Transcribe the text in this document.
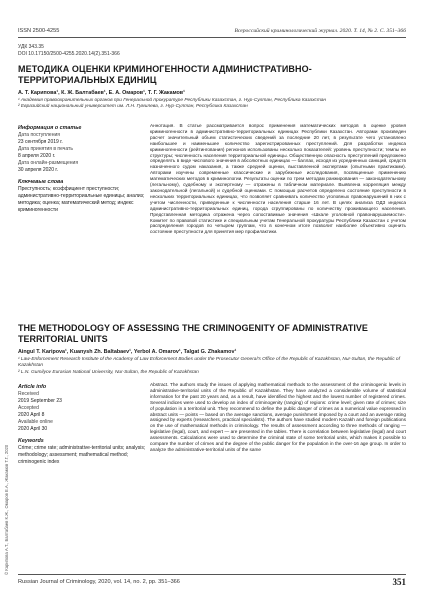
ISSN 2500-4255	Всероссийский криминологический журнал. 2020. Т. 14, № 2. С. 351–366
УДК 343.35
DOI 10.17150/2500-4255.2020.14(2).351-366
МЕТОДИКА ОЦЕНКИ КРИМИНОГЕННОСТИ АДМИНИСТРАТИВНО-ТЕРРИТОРИАЛЬНЫХ ЕДИНИЦ
А. Т. Карипова¹, К. Ж. Балтабаев¹, Е. А. Омаров¹, Т. Г. Жакамов¹
¹ Академия правоохранительных органов при Генеральной прокуратуре Республики Казахстан, г. Нур-Султан, Республика Казахстан
² Евразийский национальный университет им. Л.Н. Гумилева, г. Нур-Султан, Республика Казахстан
Информация о статье
Дата поступления
23 сентября 2019 г.
Дата принятия в печать
8 апреля 2020 г.
Дата онлайн-размещения
30 апреля 2020 г.
Ключевые слова
Преступность; коэффициент преступности; административно-территориальные единицы; анализ; методика; оценка; математический метод; индекс криминогенности
Аннотация. В статье рассматривается вопрос применения математических методов в оценке уровня криминогенности в административно-территориальных единицах Республики Казахстан. Авторами произведен расчет значительный объем статистических сведений за последние 20 лет, в результате чего установлено наибольшее и наименьшее количество зарегистрированных преступлений. Для разработки индекса криминогенности (рейтингования) регионов использованы несколько показателей: уровень преступности; темпы ее структуры; численность населения территориальной единицы. Общественную опасность преступлений предложено определять в виде числового значения в абсолютных единицах — баллах, исходя из усредненных санкций, средств назначенного судом наказания, а также средней оценки, выставленной экспертами (опытными практиками). Авторами изучены современные классические и зарубежные исследования, посвященные применению математических методов в криминологии. Результаты оценки по трем методам ранжирования — законодательному (легальному), судебному и экспертному — отражены в табличном материале. Выявлена корреляция между законодательной (легальной) и судебной оценками. С помощью расчетов определено состояние преступности в нескольких территориальных единицах, что позволяет сравнивать количество уголовных правонарушений в них с учетом численности, приведенные к численности населения старше 16 лет. В целях анализа ОДЗ индекса административно-территориальных единиц, города сгруппированы по количеству проживающего населения. Представленная методика отражена через сопоставимые значения «Шкале уголовной правонарушаемости». Комитет по правовой статистике и специальным учетам Генеральной прокуратуры Республики Казахстан с учетом распределения городов по четырем группам, что в конечном итоге позволит наиболее объективно оценить состояние преступности для принятия мер профилактики.
THE METHODOLOGY OF ASSESSING THE CRIMINOGENITY OF ADMINISTRATIVE TERRITORIAL UNITS
Aingul T. Karipova¹, Kuanysh Zh. Baltabaev¹, Yerbol A. Omarov¹, Talgat G. Zhakamov¹
¹ Law-Enforcement Research Institute of the Academy of Law Enforcement Bodies under the Prosecutor General's Office of the Republic of Kazakhstan, Nur-Sultan, the Republic of Kazakhstan
² L.N. Gumilyov Eurasian National University, Nur-Sultan, the Republic of Kazakhstan
Article info
Received
2019 September 23
Accepted
2020 April 8
Available online
2020 April 30
Keywords
Crime; crime rate; administrative-territorial units; analysis; methodology; assessment; mathematical method; criminogenic index
Abstract. The authors study the issues of applying mathematical methods to the assessment of the criminogenic levels in administrative-territorial units of the Republic of Kazakhstan. They have analyzed a considerable volume of statistical information for the past 20 years and, as a result, have identified the highest and the lowest number of registered crimes. Several indices were used to develop an index of criminogenity (ranging) of regions: crime level; given rate of crimes; size of population in a territorial unit. They recommend to define the public danger of crimes as a numerical value expressed in abstract units — points — based on the average sanctions, average punishment imposed by a court and an average rating assigned by experts (researchers, practical specialists). The authors have studied modern Kazakh and foreign publications on the use of mathematical methods in criminology. The results of assessment according to three methods of ranging — legislative (legal), court, and expert — are presented in the tables. There is correlation between legislative (legal) and court assessments. Calculations were used to determine the criminal state of some territorial units, which makes it possible to compare the number of crimes and the degree of the public danger for the population in the over-16 age group. In order to analyze the administrative-territorial units of the same
© Карипова А.Т., Балтабаев К.Ж., Омаров Е.А., Жакамов Т.Г., 2020
Russian Journal of Criminology, 2020, vol. 14, no. 2, pp. 351–366	351
